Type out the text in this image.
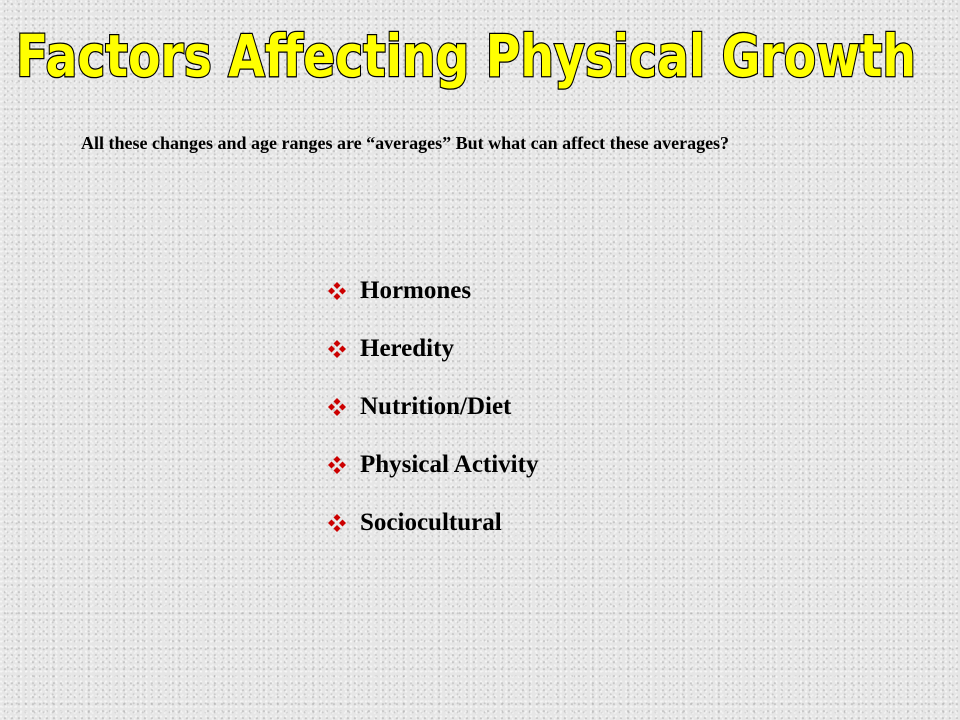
Factors Affecting Physical Growth

All these changes and age ranges are “averages” But what can affect these averages?

Hormones
Heredity
Nutrition/Diet
Physical Activity
Sociocultural
